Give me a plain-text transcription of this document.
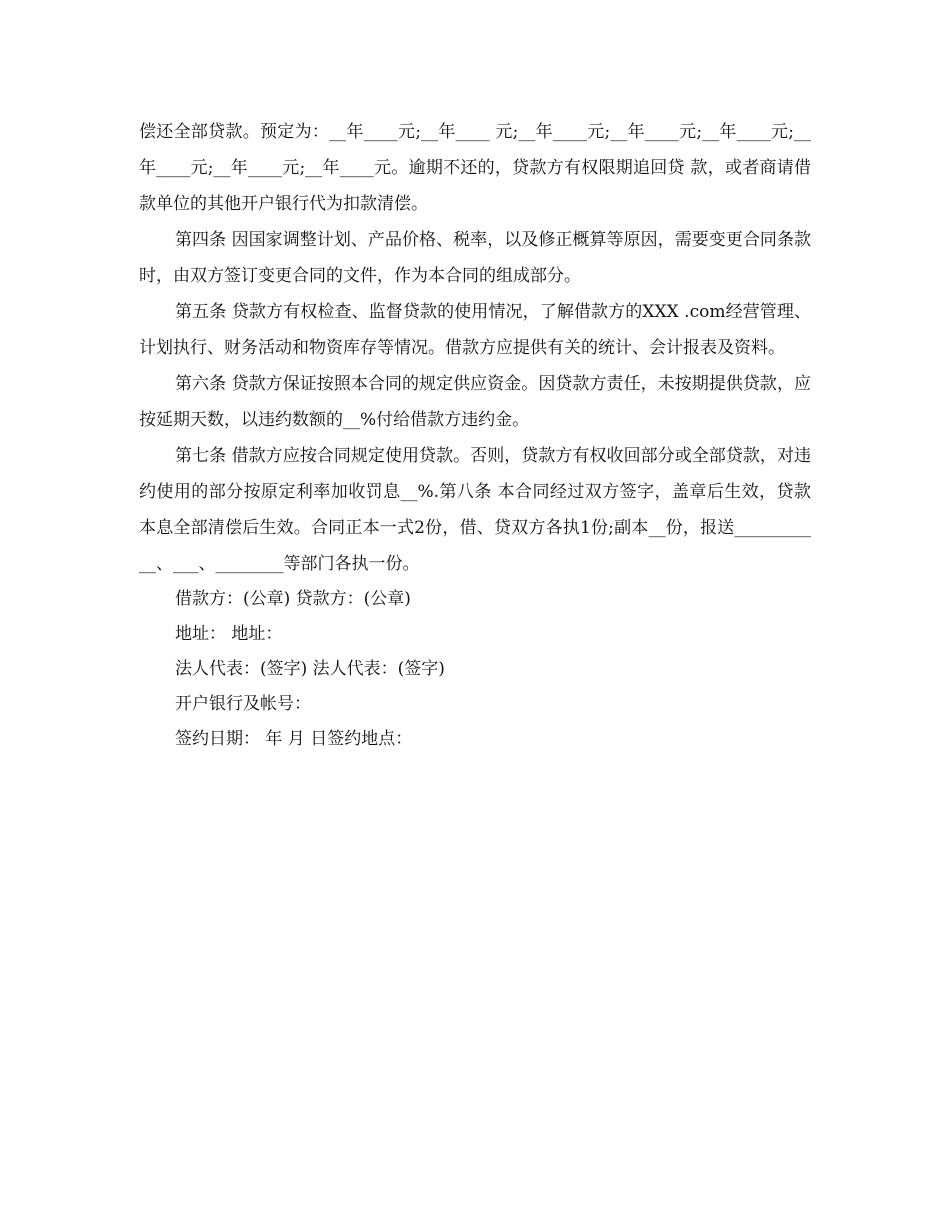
偿还全部贷款。预定为：__年____元;__年____ 元;__年____元;__年____元;__年____元;__年____元;__年____元;__年____元。逾期不还的，贷款方有权限期追回贷 款，或者商请借款单位的其他开户银行代为扣款清偿。

第四条 因国家调整计划、产品价格、税率，以及修正概算等原因，需要变更合同条款时，由双方签订变更合同的文件，作为本合同的组成部分。

第五条 贷款方有权检查、监督贷款的使用情况，了解借款方的XXX .com经营管理、计划执行、财务活动和物资库存等情况。借款方应提供有关的统计、会计报表及资料。

第六条 贷款方保证按照本合同的规定供应资金。因贷款方责任，未按期提供贷款，应按延期天数，以违约数额的__%付给借款方违约金。

第七条 借款方应按合同规定使用贷款。否则，贷款方有权收回部分或全部贷款，对违约使用的部分按原定利率加收罚息__%.第八条 本合同经过双方签字，盖章后生效，贷款本息全部清偿后生效。合同正本一式2份，借、贷双方各执1份;副本__份，报送___________、___、________等部门各执一份。

借款方：(公章) 贷款方：(公章)

地址： 地址：

法人代表：(签字) 法人代表：(签字)

开户银行及帐号：

签约日期： 年 月 日签约地点：
